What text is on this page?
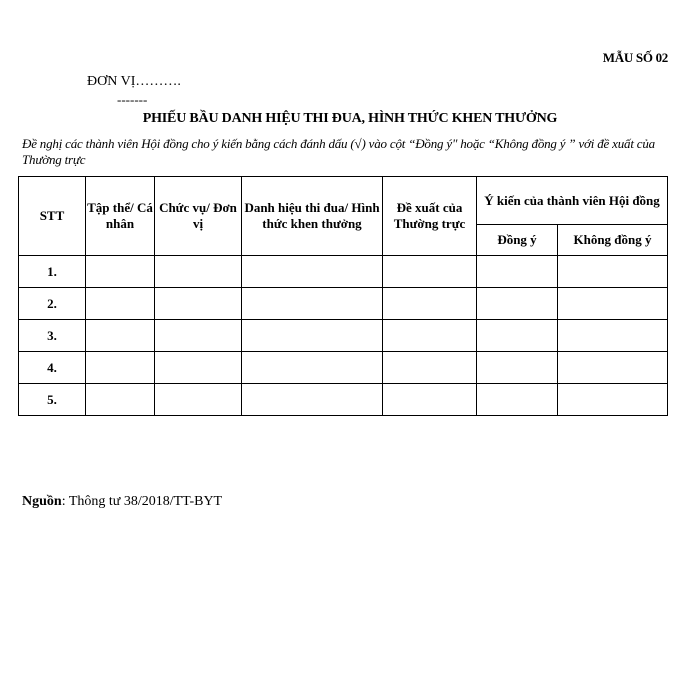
MẪU SỐ 02
ĐƠN VỊ……….
-------
PHIẾU BẦU DANH HIỆU THI ĐUA, HÌNH THỨC KHEN THƯỞNG
Đề nghị các thành viên Hội đồng cho ý kiến bằng cách đánh dấu (√) vào cột “Đồng ý" hoặc “Không đồng ý ” với đề xuất của Thường trực
STT	Tập thể/ Cá nhân	Chức vụ/ Đơn vị	Danh hiệu thi đua/ Hình thức khen thưởng	Đề xuất của Thường trực	Ý kiến của thành viên Hội đồng	
					Đồng ý	Không đồng ý
1.						
2.						
3.						
4.						
5.						
Nguồn: Thông tư 38/2018/TT-BYT
